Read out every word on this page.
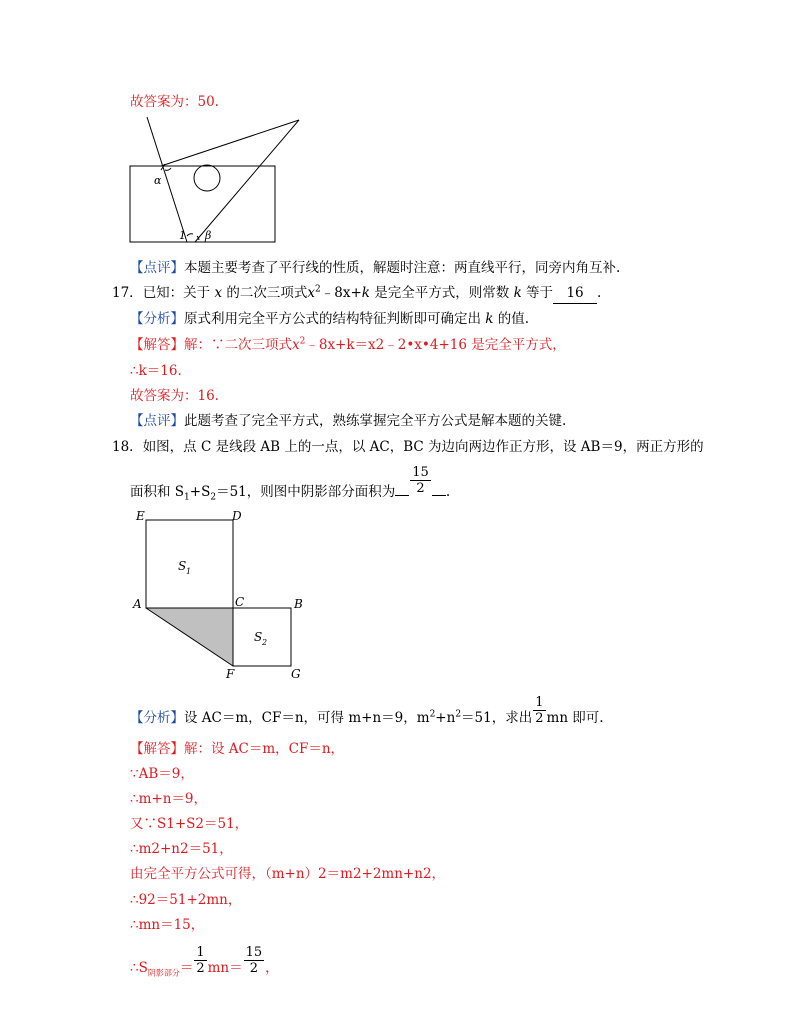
故答案为：50.
α
1 β
【点评】本题主要考查了平行线的性质，解题时注意：两直线平行，同旁内角互补.
17．已知：关于 x 的二次三项式$x^2﹣8x+k$ 是完全平方式，则常数 k 等于 16 .
【分析】原式利用完全平方公式的结构特征判断即可确定出 k 的值.
【解答】解：∵二次三项式$x^2﹣8x+k=x2﹣2•x•4+16$ 是完全平方式，
∴k＝16.
故答案为：16.
【点评】此题考查了完全平方式，熟练掌握完全平方公式是解本题的关键.
18．如图，点 C 是线段 AB 上的一点，以 AC，BC 为边向两边作正方形，设 AB＝9，两正方形的
面积和 $S_1+S_2=51$，则图中阴影部分面积为 $\frac{15}{2}$ .
E	D
A	C	B
F	G
S 1
S 2
【分析】设 AC＝m，CF＝n，可得 m+n＝9，$m^2+n^2=51$，求出 $\frac{1}{2}$ mn 即可.
【解答】解：设 AC＝m，CF＝n，
∵AB＝9，
∴m+n＝9，
又∵S1+S2＝51，
∴m2+n2＝51，
由完全平方公式可得，（m+n）2＝m2+2mn+n2，
∴92＝51+2mn，
∴mn＝15，
$\therefore S_{阴影部分}= \frac{1}{2} mn= \frac{15}{2}$ ，
